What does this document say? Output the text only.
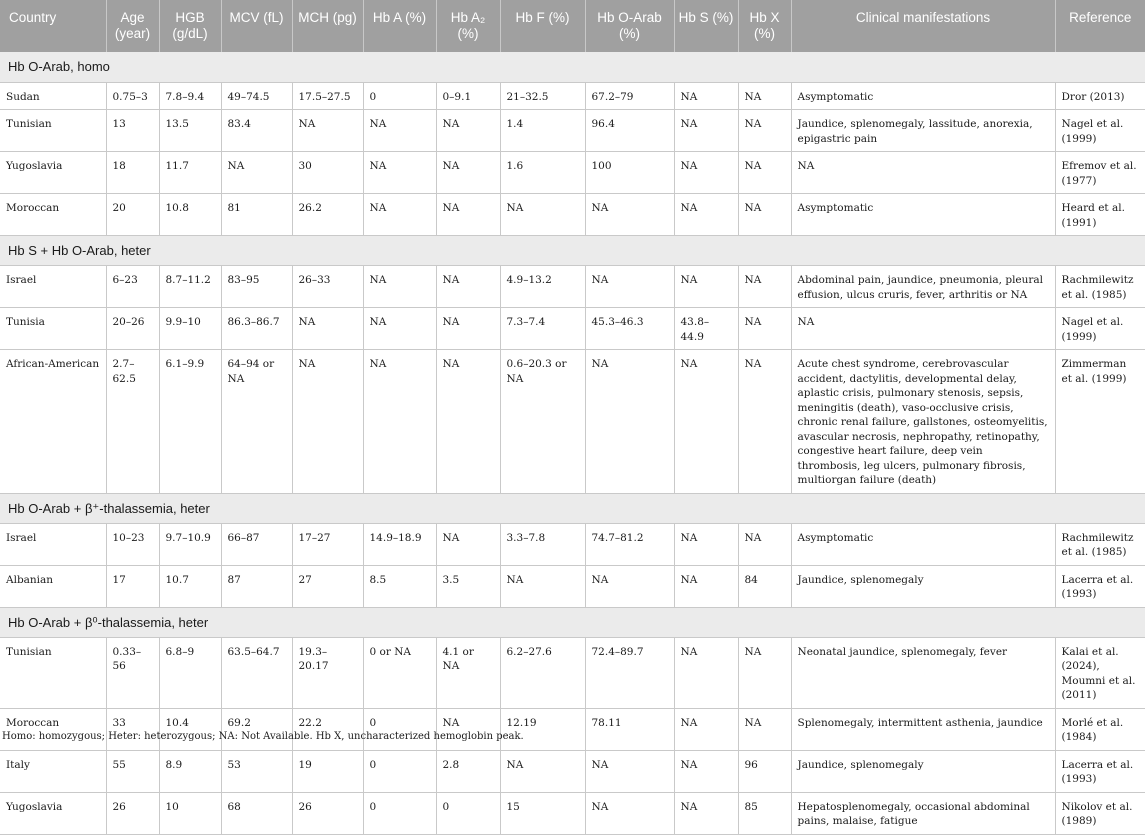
Country	Age (year)	HGB (g/dL)	MCV (fL)	MCH (pg)	Hb A (%)	Hb A₂ (%)	Hb F (%)	Hb O-Arab (%)	Hb S (%)	Hb X (%)	Clinical manifestations	Reference
Hb O-Arab, homo												
Sudan	0.75–3	7.8–9.4	49–74.5	17.5–27.5	0	0–9.1	21–32.5	67.2–79	NA	NA	Asymptomatic	Dror (2013)
Tunisian	13	13.5	83.4	NA	NA	NA	1.4	96.4	NA	NA	Jaundice, splenomegaly, lassitude, anorexia, epigastric pain	Nagel et al. (1999)
Yugoslavia	18	11.7	NA	30	NA	NA	1.6	100	NA	NA	NA	Efremov et al. (1977)
Moroccan	20	10.8	81	26.2	NA	NA	NA	NA	NA	NA	Asymptomatic	Heard et al. (1991)
Hb S + Hb O-Arab, heter												
Israel	6–23	8.7–11.2	83–95	26–33	NA	NA	4.9–13.2	NA	NA	NA	Abdominal pain, jaundice, pneumonia, pleural effusion, ulcus cruris, fever, arthritis or NA	Rachmilewitz et al. (1985)
Tunisia	20–26	9.9–10	86.3–86.7	NA	NA	NA	7.3–7.4	45.3–46.3	43.8–44.9	NA	NA	Nagel et al. (1999)
African-American	2.7–62.5	6.1–9.9	64–94 or NA	NA	NA	NA	0.6–20.3 or NA	NA	NA	NA	Acute chest syndrome, cerebrovascular accident, dactylitis, developmental delay, aplastic crisis, pulmonary stenosis, sepsis, meningitis (death), vaso-occlusive crisis, chronic renal failure, gallstones, osteomyelitis, avascular necrosis, nephropathy, retinopathy, congestive heart failure, deep vein thrombosis, leg ulcers, pulmonary fibrosis, multiorgan failure (death)	Zimmerman et al. (1999)
Hb O-Arab + β⁺-thalassemia, heter												
Israel	10–23	9.7–10.9	66–87	17–27	14.9–18.9	NA	3.3–7.8	74.7–81.2	NA	NA	Asymptomatic	Rachmilewitz et al. (1985)
Albanian	17	10.7	87	27	8.5	3.5	NA	NA	NA	84	Jaundice, splenomegaly	Lacerra et al. (1993)
Hb O-Arab + β⁰-thalassemia, heter												
Tunisian	0.33–56	6.8–9	63.5–64.7	19.3–20.17	0 or NA	4.1 or NA	6.2–27.6	72.4–89.7	NA	NA	Neonatal jaundice, splenomegaly, fever	Kalai et al. (2024), Moumni et al. (2011)
Moroccan	33	10.4	69.2	22.2	0	NA	12.19	78.11	NA	NA	Splenomegaly, intermittent asthenia, jaundice	Morlé et al. (1984)
Italy	55	8.9	53	19	0	2.8	NA	NA	NA	96	Jaundice, splenomegaly	Lacerra et al. (1993)
Yugoslavia	26	10	68	26	0	0	15	NA	NA	85	Hepatosplenomegaly, occasional abdominal pains, malaise, fatigue	Nikolov et al. (1989)
Homo: homozygous; Heter: heterozygous; NA: Not Available. Hb X, uncharacterized hemoglobin peak.
